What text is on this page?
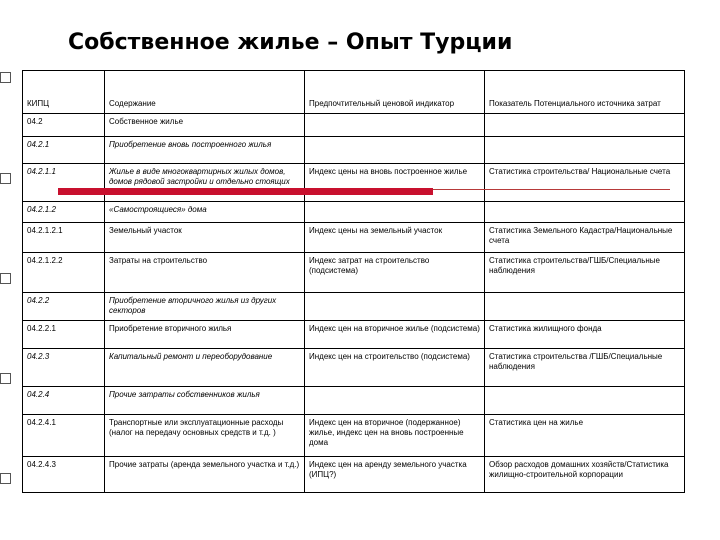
Собственное жилье – Опыт Турции
КИПЦ	Содержание	Предпочтительный ценовой индикатор	Показатель Потенциального источника затрат
04.2	Собственное жилье		
04.2.1	Приобретение вновь построенного жилья		
04.2.1.1	Жилье в виде многоквартирных жилых домов, домов рядовой застройки и отдельно стоящих	Индекс цены на вновь построенное жилье	Статистика строительства/ Национальные счета
04.2.1.2	«Самостроящиеся» дома		
04.2.1.2.1	Земельный участок	Индекс цены на земельный участок	Статистика Земельного Кадастра/Национальные счета
04.2.1.2.2	Затраты на строительство	Индекс затрат на строительство (подсистема)	Статистика строительства/ГШБ/Специальные наблюдения
04.2.2	Приобретение вторичного жилья из других секторов		
04.2.2.1	Приобретение вторичного жилья	Индекс цен на вторичное жилье (подсистема)	Статистика жилищного фонда
04.2.3	Капитальный ремонт и переоборудование	Индекс цен на строительство (подсистема)	Статистика строительства /ГШБ/Специальные наблюдения
04.2.4	Прочие затраты собственников жилья		
04.2.4.1	Транспортные или эксплуатационные расходы (налог на передачу основных средств и т.д. )	Индекс цен на вторичное (подержанное) жилье, индекс цен на вновь построенные дома	Статистика цен на жилье
04.2.4.3	Прочие затраты (аренда земельного участка и т.д.)	Индекс цен на аренду земельного участка (ИПЦ?)	Обзор расходов домашних хозяйств/Статистика жилищно-строительной корпорации
